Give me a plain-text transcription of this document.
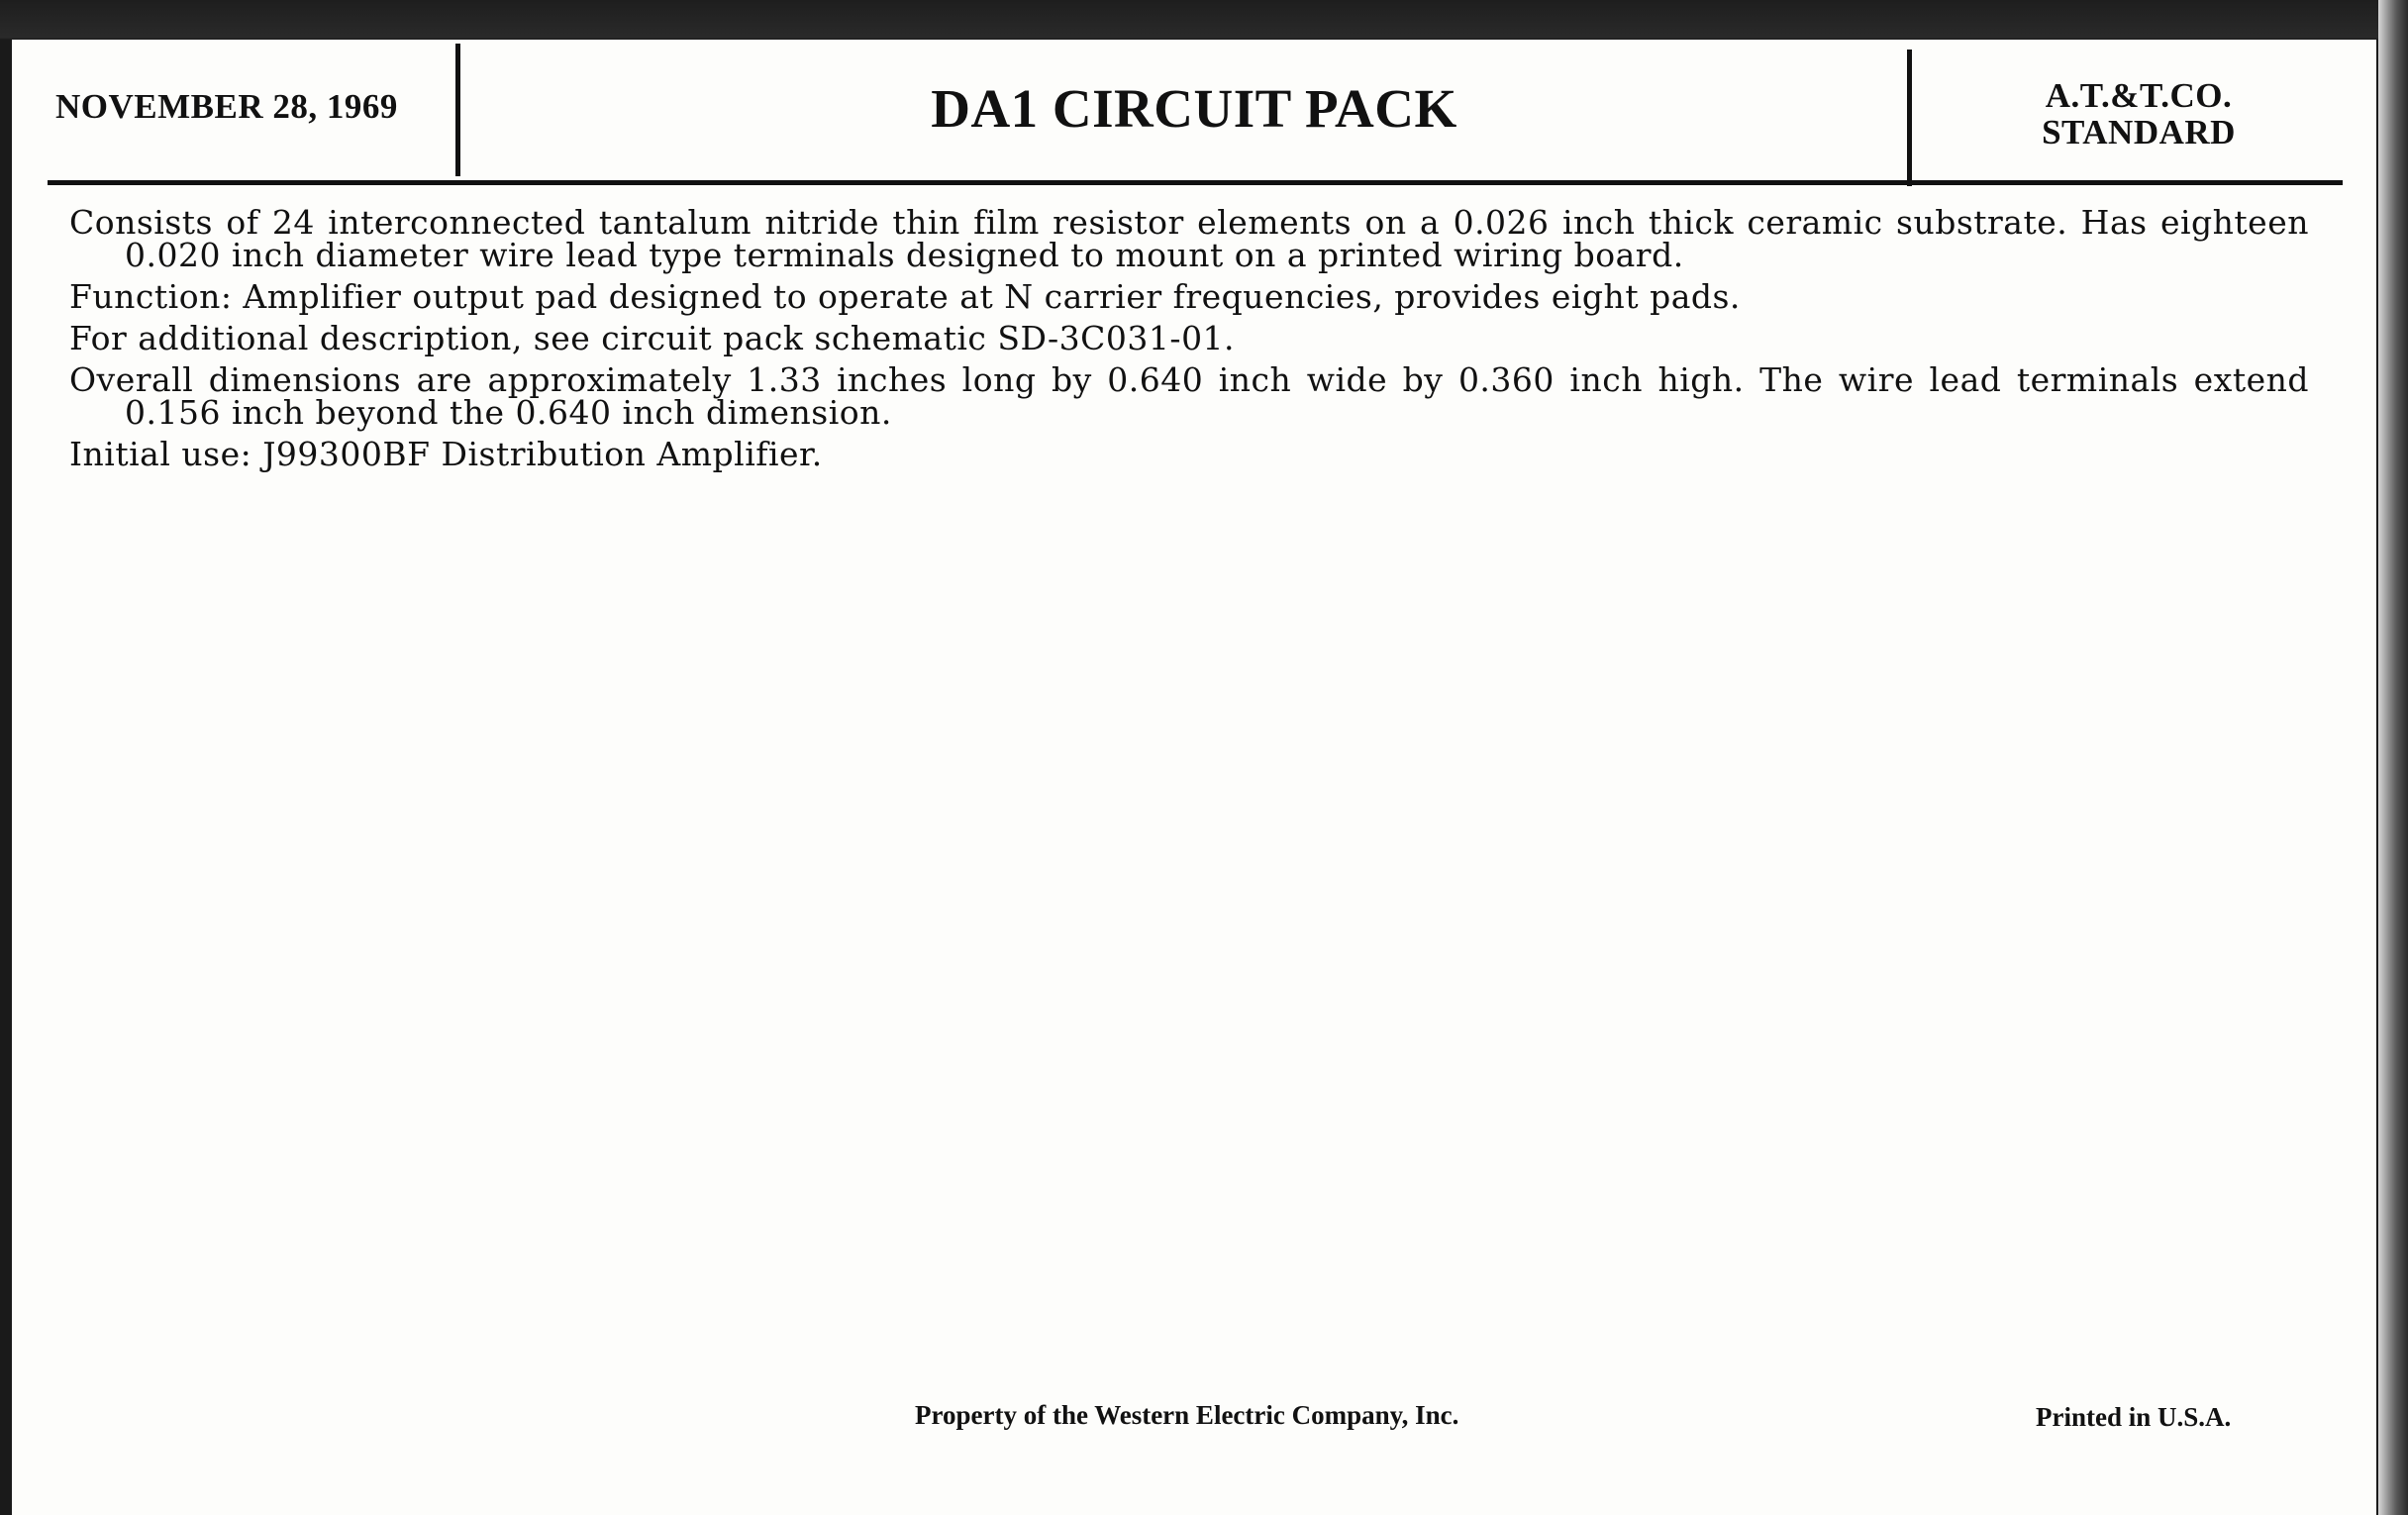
NOVEMBER 28, 1969	DA1 CIRCUIT PACK	A.T.&T.CO.
STANDARD

Consists of 24 interconnected tantalum nitride thin film resistor elements on a 0.026 inch thick ceramic substrate. Has eighteen 0.020 inch diameter wire lead type terminals designed to mount on a printed wiring board.

Function: Amplifier output pad designed to operate at N carrier frequencies, provides eight pads.

For additional description, see circuit pack schematic SD-3C031-01.

Overall dimensions are approximately 1.33 inches long by 0.640 inch wide by 0.360 inch high. The wire lead terminals extend 0.156 inch beyond the 0.640 inch dimension.

Initial use: J99300BF Distribution Amplifier.

Property of the Western Electric Company, Inc.	Printed in U.S.A.
